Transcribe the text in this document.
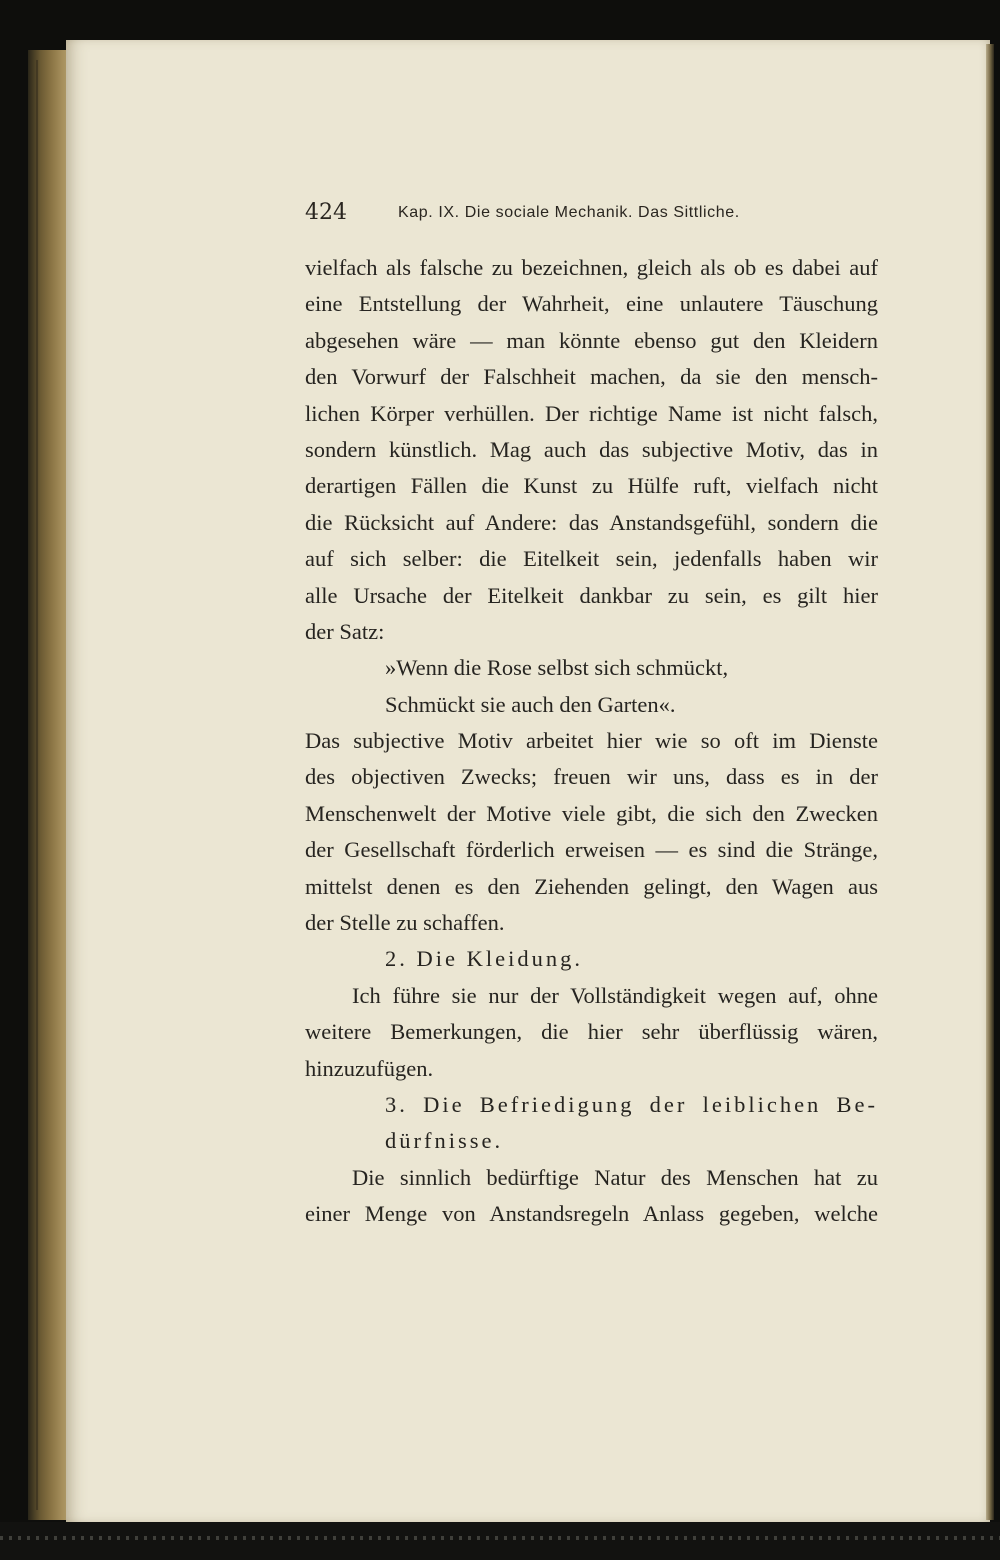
424	Kap. IX. Die sociale Mechanik. Das Sittliche.
vielfach als falsche zu bezeichnen, gleich als ob es dabei auf
eine Entstellung der Wahrheit, eine unlautere Täuschung
abgesehen wäre — man könnte ebenso gut den Kleidern
den Vorwurf der Falschheit machen, da sie den mensch-
lichen Körper verhüllen. Der richtige Name ist nicht falsch,
sondern künstlich. Mag auch das subjective Motiv, das in
derartigen Fällen die Kunst zu Hülfe ruft, vielfach nicht
die Rücksicht auf Andere: das Anstandsgefühl, sondern die
auf sich selber: die Eitelkeit sein, jedenfalls haben wir
alle Ursache der Eitelkeit dankbar zu sein, es gilt hier
der Satz:
»Wenn die Rose selbst sich schmückt,
Schmückt sie auch den Garten«.
Das subjective Motiv arbeitet hier wie so oft im Dienste
des objectiven Zwecks; freuen wir uns, dass es in der
Menschenwelt der Motive viele gibt, die sich den Zwecken
der Gesellschaft förderlich erweisen — es sind die Stränge,
mittelst denen es den Ziehenden gelingt, den Wagen aus
der Stelle zu schaffen.
2. Die Kleidung.
Ich führe sie nur der Vollständigkeit wegen auf, ohne
weitere Bemerkungen, die hier sehr überflüssig wären,
hinzuzufügen.
3. Die Befriedigung der leiblichen Be-
dürfnisse.
Die sinnlich bedürftige Natur des Menschen hat zu
einer Menge von Anstandsregeln Anlass gegeben, welche
